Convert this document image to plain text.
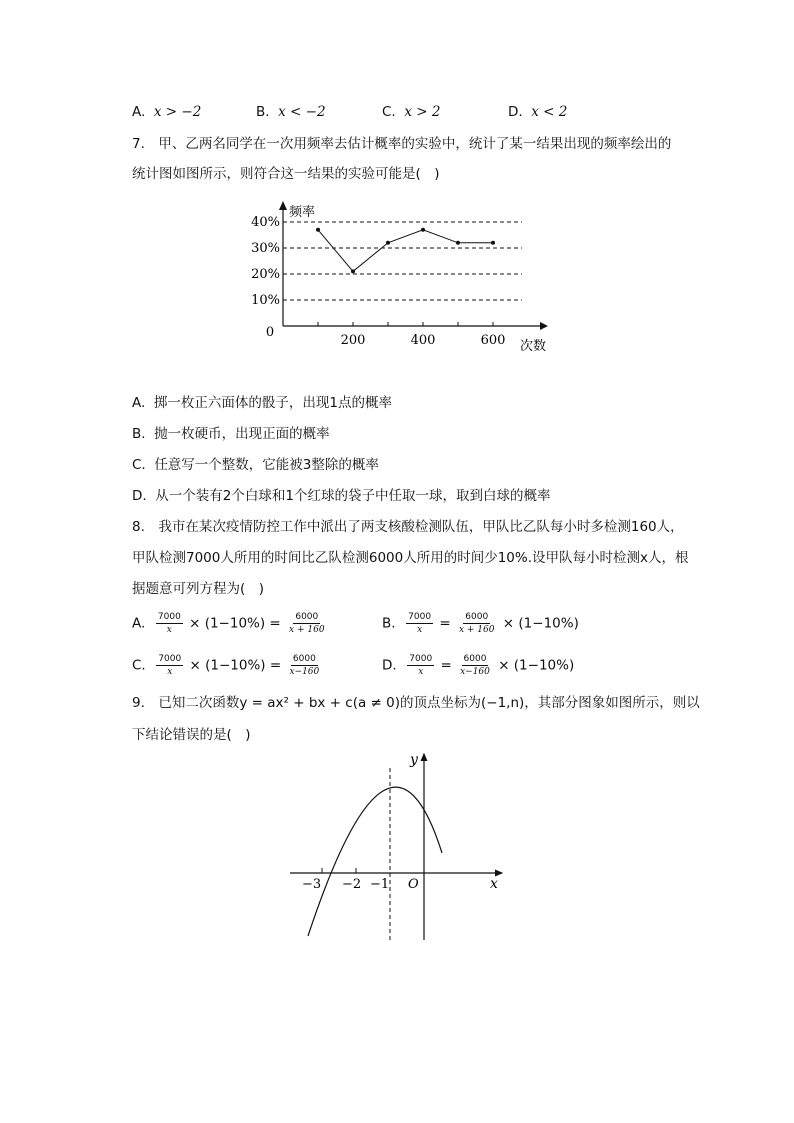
A. x > −2	B. x < −2	C. x > 2	D. x < 2
7.　甲、乙两名同学在一次用频率去估计概率的实验中，统计了某一结果出现的频率绘出的
统计图如图所示，则符合这一结果的实验可能是(　)
10%
20%
30%
40%
200	400	600
0
频率
次数
A. 掷一枚正六面体的骰子，出现1点的概率
B. 抛一枚硬币，出现正面的概率
C. 任意写一个整数，它能被3整除的概率
D. 从一个装有2个白球和1个红球的袋子中任取一球，取到白球的概率
8.　我市在某次疫情防控工作中派出了两支核酸检测队伍，甲队比乙队每小时多检测160人，
甲队检测7000人所用的时间比乙队检测6000人所用的时间少10%.设甲队每小时检测x人，根
据题意可列方程为(　)
A. $\frac{7000}{x} \times (1-10\%) = \frac{6000}{x + 160}$	B. $\frac{7000}{x} = \frac{6000}{x + 160} \times (1-10\%)$
C. $\frac{7000}{x} \times (1-10\%) = \frac{6000}{x-160}$	D. $\frac{7000}{x} = \frac{6000}{x-160} \times (1-10\%)$
9.　已知二次函数y = ax² + bx + c(a ≠ 0)的顶点坐标为(−1,n)，其部分图象如图所示，则以
下结论错误的是(　)
−3 −2 −1 O	x
y
